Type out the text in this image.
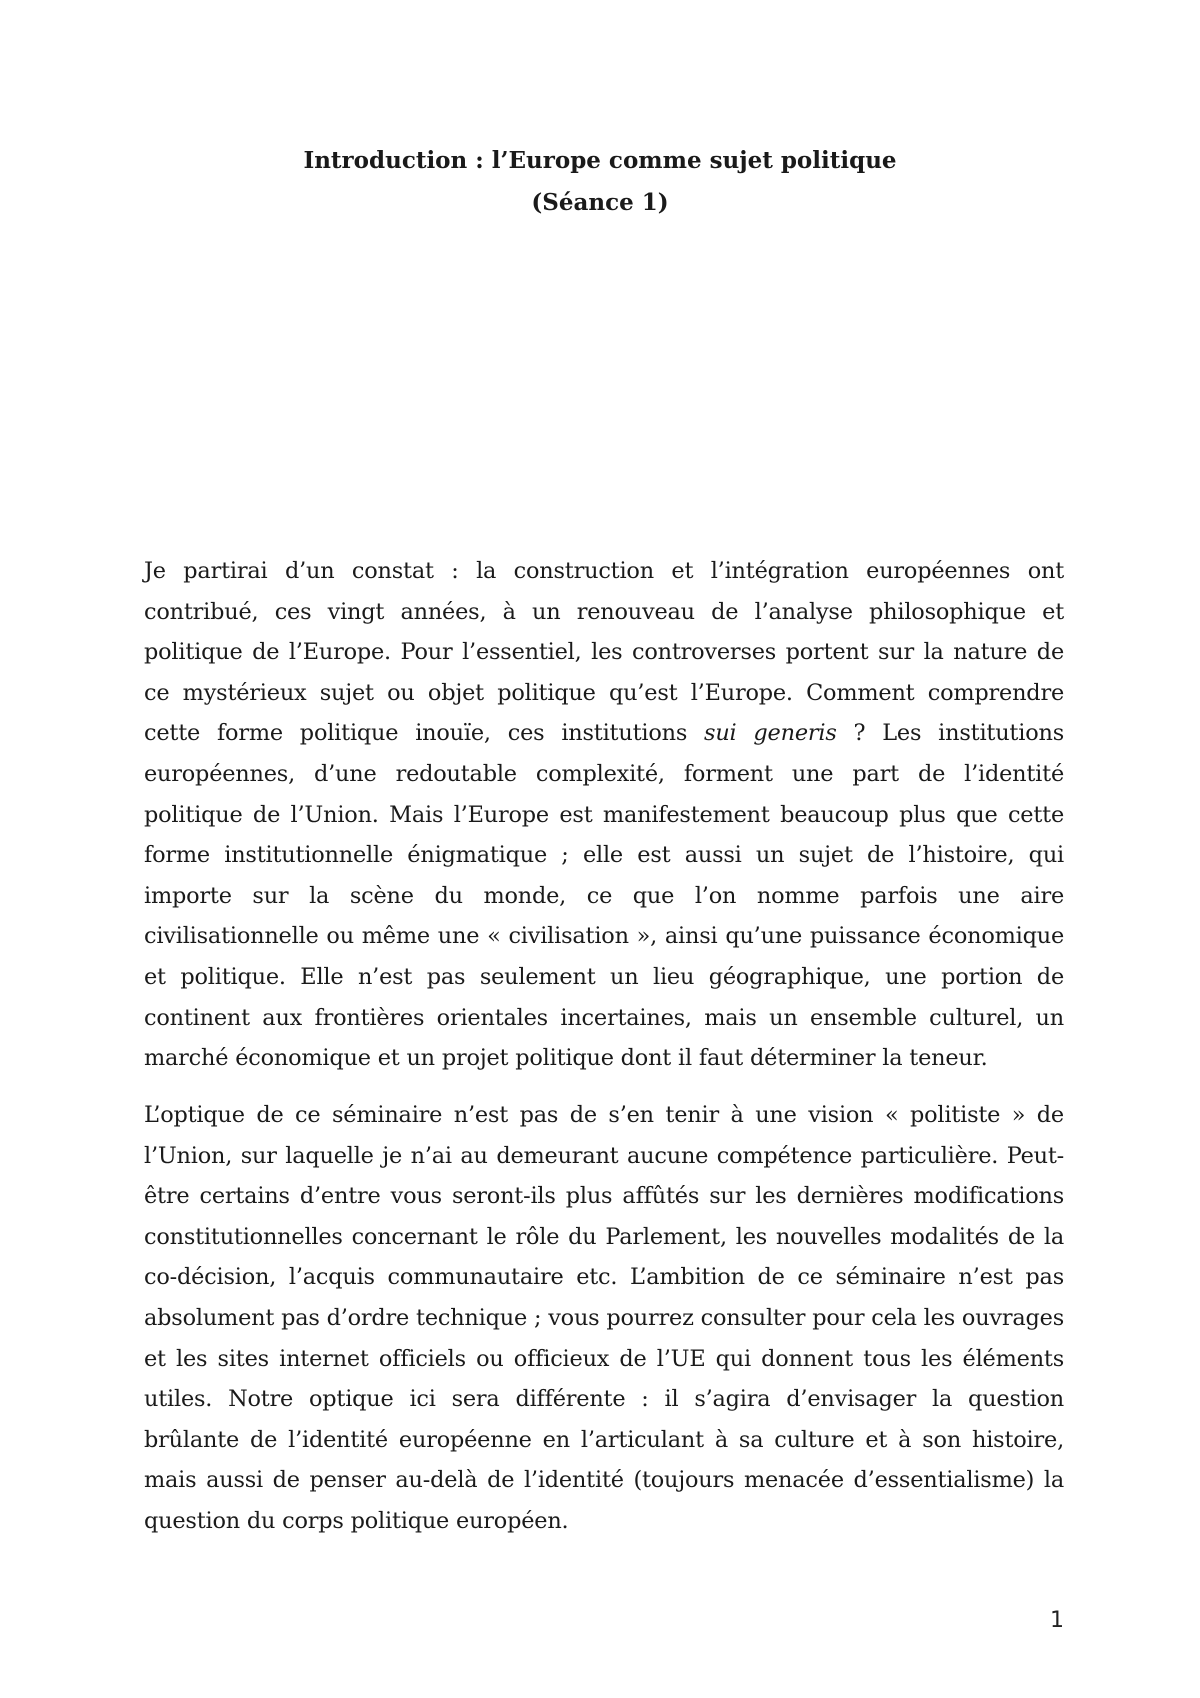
Introduction : l’Europe comme sujet politique
(Séance 1)

Je partirai d’un constat : la construction et l’intégration européennes ont contribué, ces vingt années, à un renouveau de l’analyse philosophique et politique de l’Europe. Pour l’essentiel, les controverses portent sur la nature de ce mystérieux sujet ou objet politique qu’est l’Europe. Comment comprendre cette forme politique inouïe, ces institutions sui generis ? Les institutions européennes, d’une redoutable complexité, forment une part de l’identité politique de l’Union. Mais l’Europe est manifestement beaucoup plus que cette forme institutionnelle énigmatique ; elle est aussi un sujet de l’histoire, qui importe sur la scène du monde, ce que l’on nomme parfois une aire civilisationnelle ou même une « civilisation », ainsi qu’une puissance économique et politique. Elle n’est pas seulement un lieu géographique, une portion de continent aux frontières orientales incertaines, mais un ensemble culturel, un marché économique et un projet politique dont il faut déterminer la teneur.

L’optique de ce séminaire n’est pas de s’en tenir à une vision « politiste » de l’Union, sur laquelle je n’ai au demeurant aucune compétence particulière. Peut-être certains d’entre vous seront-ils plus affûtés sur les dernières modifications constitutionnelles concernant le rôle du Parlement, les nouvelles modalités de la co-décision, l’acquis communautaire etc. L’ambition de ce séminaire n’est pas absolument pas d’ordre technique ; vous pourrez consulter pour cela les ouvrages et les sites internet officiels ou officieux de l’UE qui donnent tous les éléments utiles. Notre optique ici sera différente : il s’agira d’envisager la question brûlante de l’identité européenne en l’articulant à sa culture et à son histoire, mais aussi de penser au-delà de l’identité (toujours menacée d’essentialisme) la question du corps politique européen.

1
